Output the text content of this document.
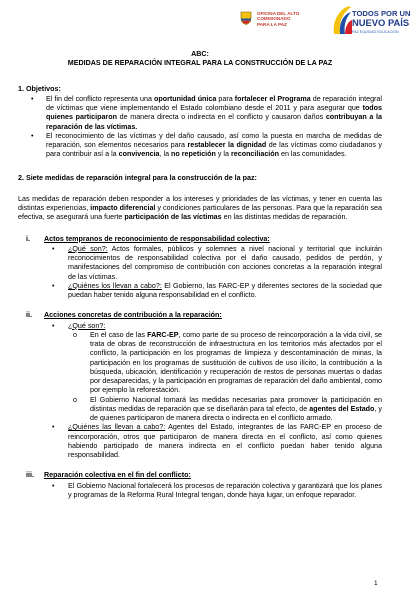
OFICINA DEL ALTO COMISIONADO
PARA LA PAZ
TODOS POR UN
NUEVO PAÍS
PAZ EQUIDAD EDUCACIÓN
ABC:
MEDIDAS DE REPARACIÓN INTEGRAL PARA LA CONSTRUCCIÓN DE LA PAZ
1. Objetivos:
• El fin del conflicto representa una oportunidad única para fortalecer el Programa de reparación integral de víctimas que viene implementando el Estado colombiano desde el 2011 y para asegurar que todos quienes participaron de manera directa o indirecta en el conflicto y causaron daños contribuyan a la reparación de las víctimas.
• El reconocimiento de las víctimas y del daño causado, así como la puesta en marcha de medidas de reparación, son elementos necesarios para restablecer la dignidad de las víctimas como ciudadanos y para contribuir así a la convivencia, la no repetición y la reconciliación en las comunidades.
2. Siete medidas de reparación integral para la construcción de la paz:
Las medidas de reparación deben responder a los intereses y prioridades de las víctimas, y tener en cuenta las distintas experiencias, impacto diferencial y condiciones particulares de las personas. Para que la reparación sea efectiva, se asegurará una fuerte participación de las víctimas en las distintas medidas de reparación.
i. Actos tempranos de reconocimiento de responsabilidad colectiva:
• ¿Qué son?: Actos formales, públicos y solemnes a nivel nacional y territorial que incluirán reconocimientos de responsabilidad colectiva por el daño causado, pedidos de perdón, y manifestaciones del compromiso de contribución con acciones concretas a la reparación integral de las víctimas.
• ¿Quiénes los llevan a cabo?: El Gobierno, las FARC-EP y diferentes sectores de la sociedad que puedan haber tenido alguna responsabilidad en el conflicto.
ii. Acciones concretas de contribución a la reparación:
• ¿Qué son?:
o En el caso de las FARC-EP, como parte de su proceso de reincorporación a la vida civil, se trata de obras de reconstrucción de infraestructura en los territorios más afectados por el conflicto, la participación en los programas de limpieza y descontaminación de minas, la participación en los programas de sustitución de cultivos de uso ilícito, la contribución a la búsqueda, ubicación, identificación y recuperación de restos de personas muertas o dadas por desaparecidas, y la participación en programas de reparación del daño ambiental, como por ejemplo la reforestación.
o El Gobierno Nacional tomará las medidas necesarias para promover la participación en distintas medidas de reparación que se diseñarán para tal efecto, de agentes del Estado, y de quienes participaron de manera directa o indirecta en el conflicto armado.
• ¿Quiénes las llevan a cabo?: Agentes del Estado, integrantes de las FARC-EP en proceso de reincorporación, otros que participaron de manera directa en el conflicto, así como quienes habiendo participado de manera indirecta en el conflicto puedan haber tenido alguna responsabilidad.
iii. Reparación colectiva en el fin del conflicto:
• El Gobierno Nacional fortalecerá los procesos de reparación colectiva y garantizará que los planes y programas de la Reforma Rural Integral tengan, donde haya lugar, un enfoque reparador.
1
